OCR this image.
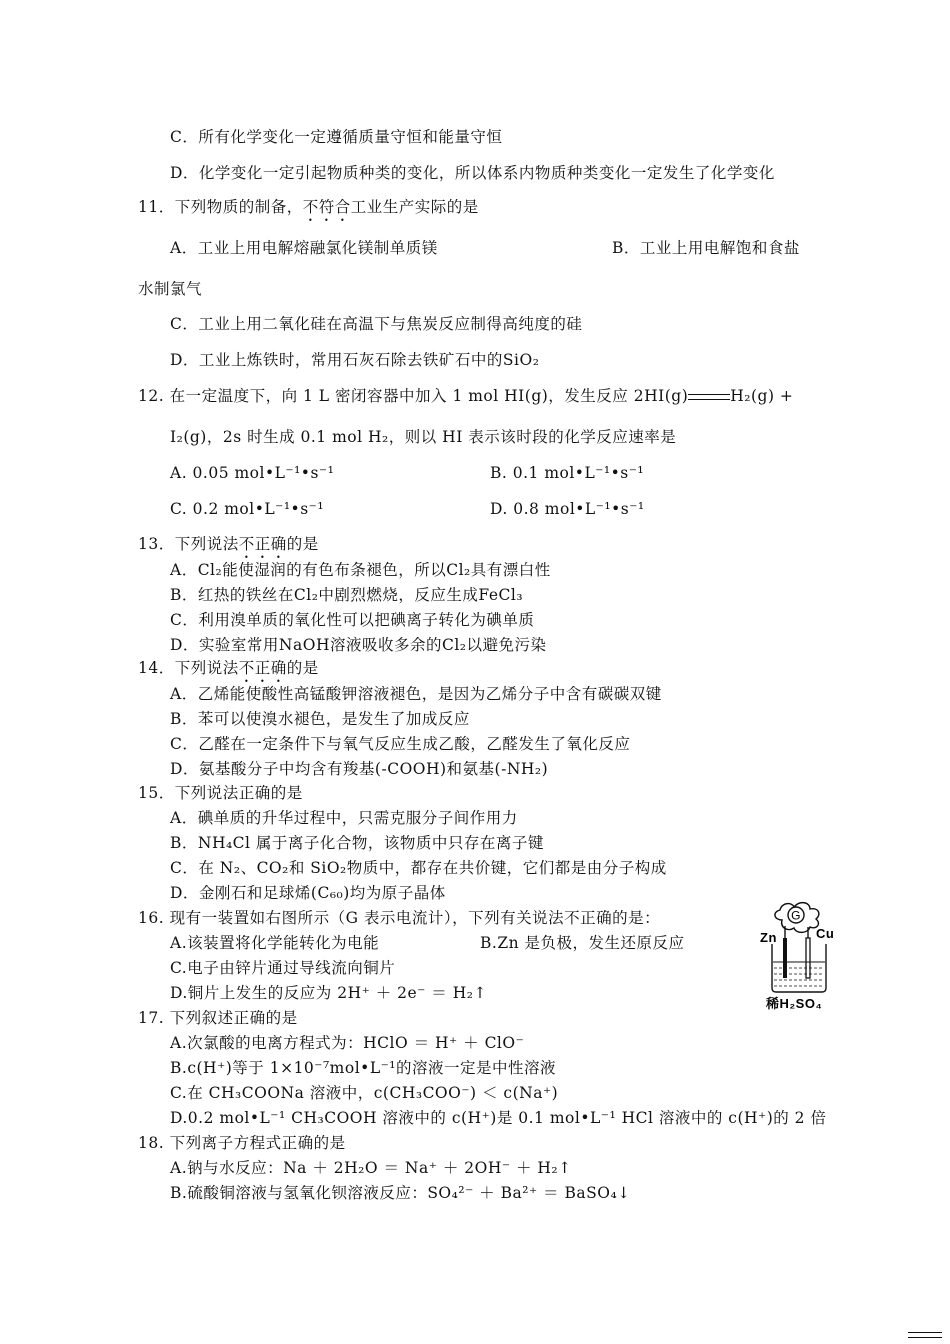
C．所有化学变化一定遵循质量守恒和能量守恒
D．化学变化一定引起物质种类的变化，所以体系内物质种类变化一定发生了化学变化
11．下列物质的制备，不符合工业生产实际的是
A．工业上用电解熔融氯化镁制单质镁	B．工业上用电解饱和食盐
水制氯气
C．工业上用二氧化硅在高温下与焦炭反应制得高纯度的硅
D．工业上炼铁时，常用石灰石除去铁矿石中的SiO₂
12. 在一定温度下，向 1 L 密闭容器中加入 1 mol HI(g)，发生反应 2HI(g)	H₂(g) +
I₂(g)，2s 时生成 0.1 mol H₂，则以 HI 表示该时段的化学反应速率是
A. 0.05 mol•L⁻¹•s⁻¹	B. 0.1 mol•L⁻¹•s⁻¹
C. 0.2 mol•L⁻¹•s⁻¹	D. 0.8 mol•L⁻¹•s⁻¹
13．下列说法不正确的是
A．Cl₂能使湿润的有色布条褪色，所以Cl₂具有漂白性
B．红热的铁丝在Cl₂中剧烈燃烧，反应生成FeCl₃
C．利用溴单质的氧化性可以把碘离子转化为碘单质
D．实验室常用NaOH溶液吸收多余的Cl₂以避免污染
14．下列说法不正确的是
A．乙烯能使酸性高锰酸钾溶液褪色，是因为乙烯分子中含有碳碳双键
B．苯可以使溴水褪色，是发生了加成反应
C．乙醛在一定条件下与氧气反应生成乙酸，乙醛发生了氧化反应
D．氨基酸分子中均含有羧基(-COOH)和氨基(-NH₂)
15．下列说法正确的是
A．碘单质的升华过程中，只需克服分子间作用力
B．NH₄Cl 属于离子化合物，该物质中只存在离子键
C．在 N₂、CO₂和 SiO₂物质中，都存在共价键，它们都是由分子构成
D．金刚石和足球烯(C₆₀)均为原子晶体
16. 现有一装置如右图所示（G 表示电流计），下列有关说法不正确的是：
A.该装置将化学能转化为电能	B.Zn 是负极，发生还原反应
C.电子由锌片通过导线流向铜片
D.铜片上发生的反应为 2H⁺ ＋ 2e⁻ ＝ H₂↑
G
Zn	Cu
稀H₂SO₄
17. 下列叙述正确的是
A.次氯酸的电离方程式为：HClO ＝ H⁺ ＋ ClO⁻
B.c(H⁺)等于 1×10⁻⁷mol•L⁻¹的溶液一定是中性溶液
C.在 CH₃COONa 溶液中，c(CH₃COO⁻) ＜ c(Na⁺)
D.0.2 mol•L⁻¹ CH₃COOH 溶液中的 c(H⁺)是 0.1 mol•L⁻¹ HCl 溶液中的 c(H⁺)的 2 倍
18. 下列离子方程式正确的是
A.钠与水反应：Na ＋ 2H₂O ＝ Na⁺ ＋ 2OH⁻ ＋ H₂↑
B.硫酸铜溶液与氢氧化钡溶液反应：SO₄²⁻ ＋ Ba²⁺ ＝ BaSO₄↓
